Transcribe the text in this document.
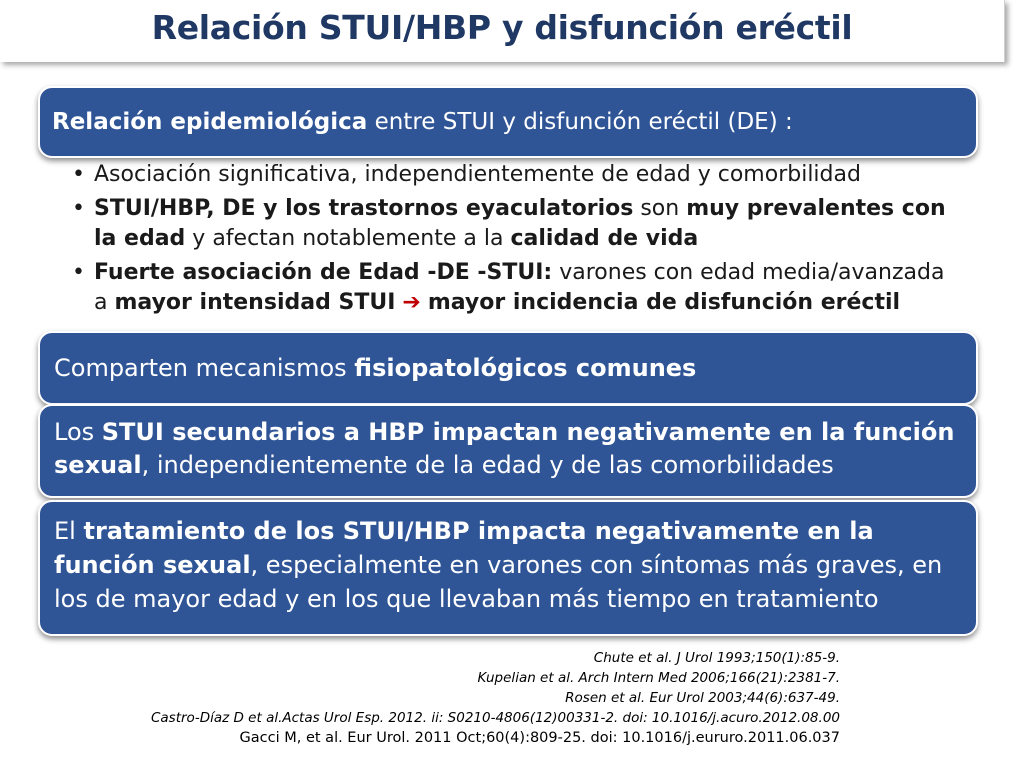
Relación STUI/HBP y disfunción eréctil
Relación epidemiológica entre STUI y disfunción eréctil (DE) :
• Asociación significativa, independientemente de edad y comorbilidad
• STUI/HBP, DE y los trastornos eyaculatorios son muy prevalentes con la edad y afectan notablemente a la calidad de vida
• Fuerte asociación de Edad -DE -STUI: varones con edad media/avanzada a mayor intensidad STUI ➔ mayor incidencia de disfunción eréctil
Comparten mecanismos fisiopatológicos comunes
Los STUI secundarios a HBP impactan negativamente en la función sexual, independientemente de la edad y de las comorbilidades
El tratamiento de los STUI/HBP impacta negativamente en la función sexual, especialmente en varones con síntomas más graves, en los de mayor edad y en los que llevaban más tiempo en tratamiento
Chute et al. J Urol 1993;150(1):85-9.
Kupelian et al. Arch Intern Med 2006;166(21):2381-7.
Rosen et al. Eur Urol 2003;44(6):637-49.
Castro-Díaz D et al.Actas Urol Esp. 2012. ii: S0210-4806(12)00331-2. doi: 10.1016/j.acuro.2012.08.00
Gacci M, et al. Eur Urol. 2011 Oct;60(4):809-25. doi: 10.1016/j.eururo.2011.06.037
